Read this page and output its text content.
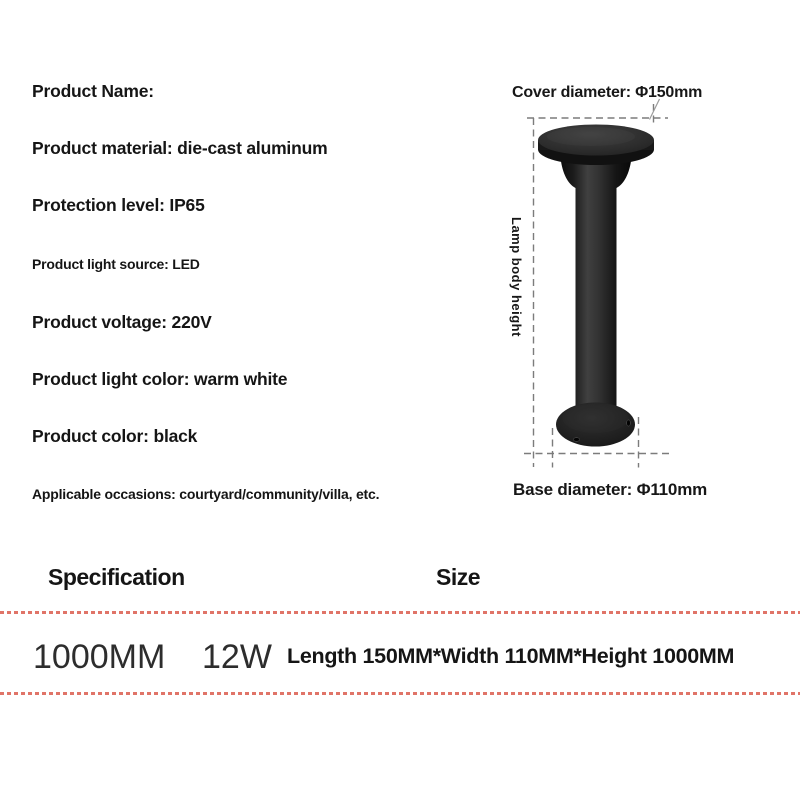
Product Name:
Product material: die-cast aluminum
Protection level: IP65
Product light source: LED
Product voltage: 220V
Product light color: warm white
Product color: black
Applicable occasions: courtyard/community/villa, etc.
Cover diameter: Φ150mm
Lamp body height
Base diameter: Φ110mm
Specification	Size
1000MM 12W Length 150MM*Width 110MM*Height 1000MM
